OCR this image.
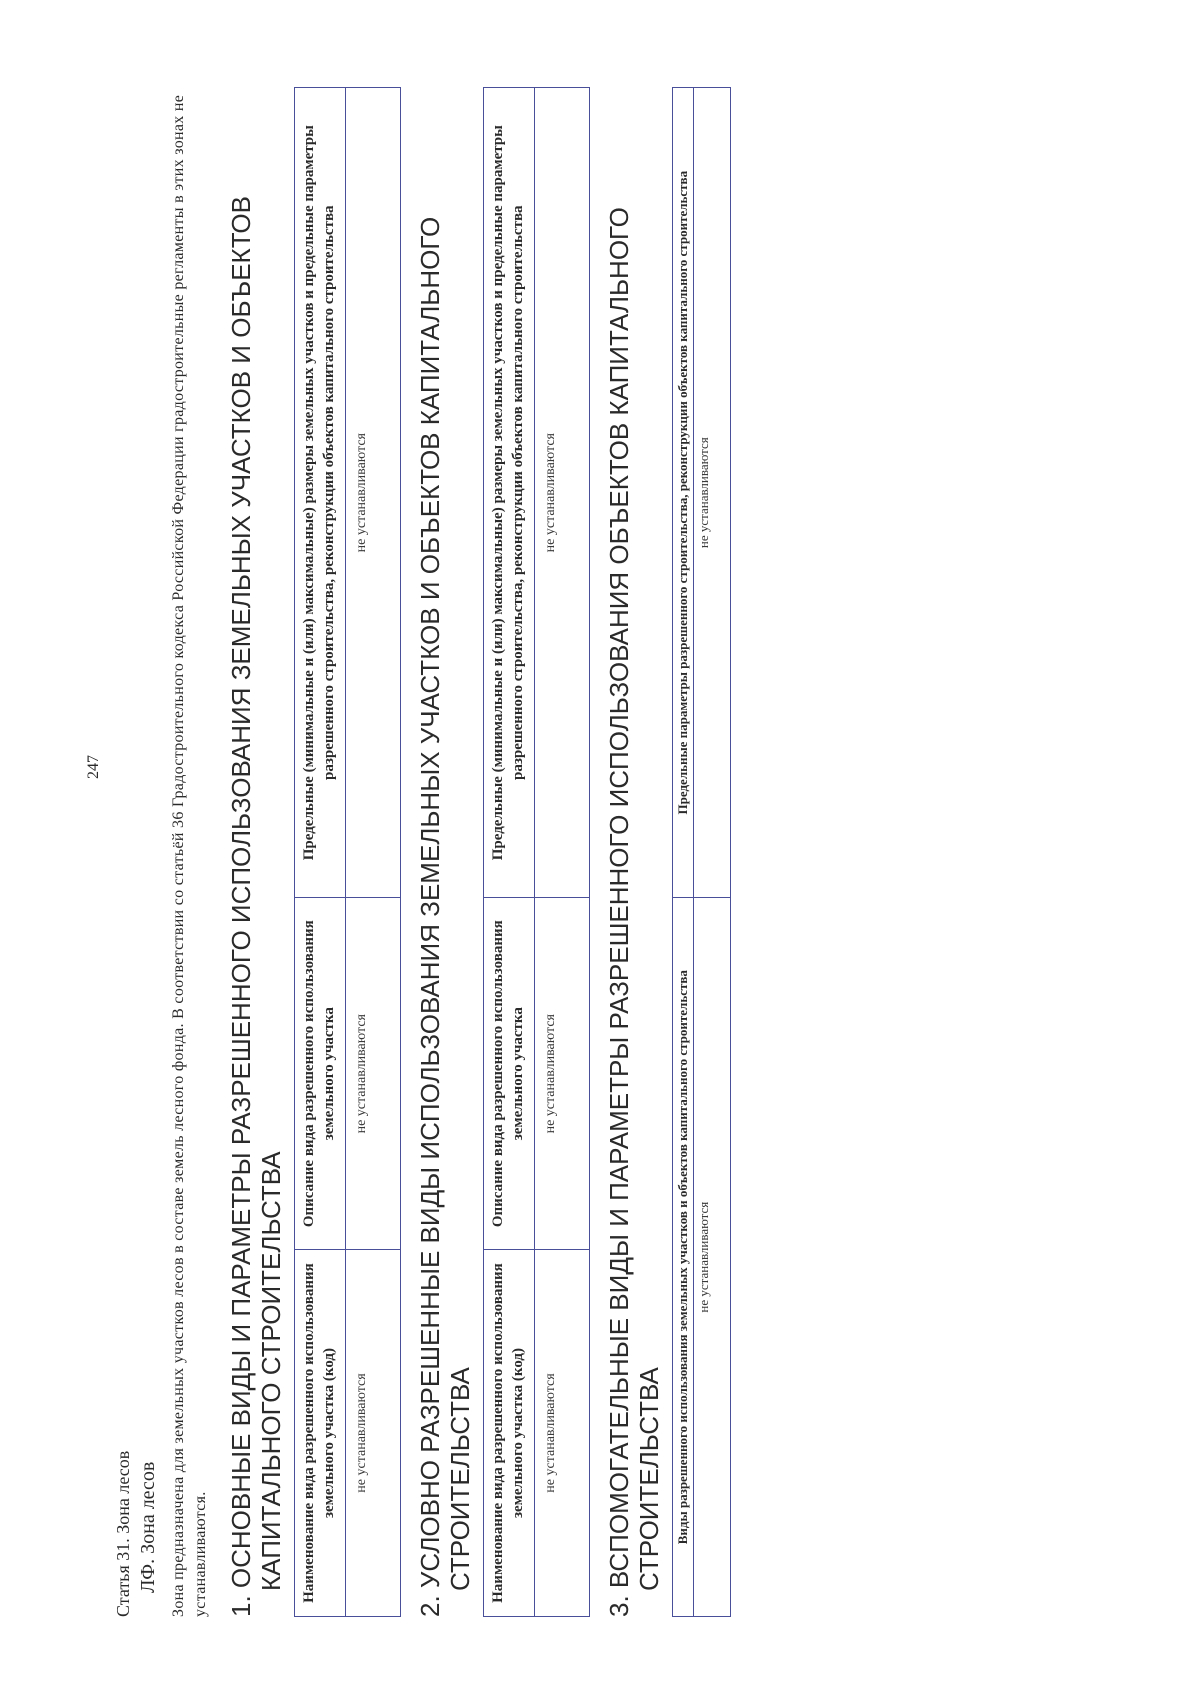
247

Статья 31. Зона лесов ЛФ. Зона лесов Зона предназначена для земельных участков лесов в составе земель лесного фонда. В соответствии со статьёй 36 Градостроительного кодекса Российской Федерации градостроительные регламенты в этих зонах не устанавливаются. 1. ОСНОВНЫЕ ВИДЫ И ПАРАМЕТРЫ РАЗРЕШЕННОГО ИСПОЛЬЗОВАНИЯ ЗЕМЕЛЬНЫХ УЧАСТКОВ И ОБЪЕКТОВ КАПИТАЛЬНОГО СТРОИТЕЛЬСТВА Наименование вида разрешенного использования земельного участка (код)	Описание вида разрешенного использования земельного участка	Предельные (минимальные и (или) максимальные) размеры земельных участков и предельные параметры разрешенного строительства, реконструкции объектов капитального строительства
не устанавливаются	не устанавливаются	не устанавливаются 2. УСЛОВНО РАЗРЕШЕННЫЕ ВИДЫ ИСПОЛЬЗОВАНИЯ ЗЕМЕЛЬНЫХ УЧАСТКОВ И ОБЪЕКТОВ КАПИТАЛЬНОГО СТРОИТЕЛЬСТВА Наименование вида разрешенного использования земельного участка (код)	Описание вида разрешенного использования земельного участка	Предельные (минимальные и (или) максимальные) размеры земельных участков и предельные параметры разрешенного строительства, реконструкции объектов капитального строительства
не устанавливаются	не устанавливаются	не устанавливаются 3. ВСПОМОГАТЕЛЬНЫЕ ВИДЫ И ПАРАМЕТРЫ РАЗРЕШЕННОГО ИСПОЛЬЗОВАНИЯ ОБЪЕКТОВ КАПИТАЛЬНОГО СТРОИТЕЛЬСТВА Виды разрешенного использования земельных участков и объектов капитального строительства	Предельные параметры разрешенного строительства, реконструкции объектов капитального строительства
не устанавливаются	не устанавливаются
